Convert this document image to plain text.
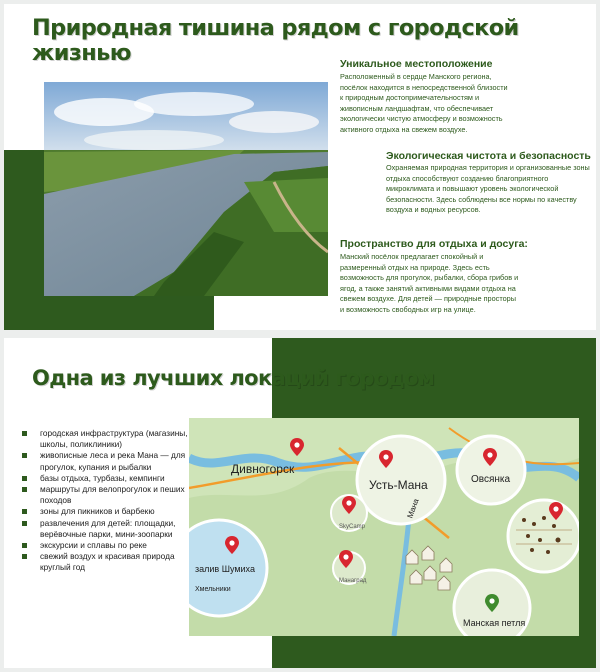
Природная тишина рядом с городской жизнью	Уникальное местоположение
Расположенный в сердце Манского региона, посёлок находится в непосредственной близости к природным достопримечательностям и живописным ландшафтам, что обеспечивает экологически чистую атмосферу и возможность активного отдыха на свежем воздухе.
Экологическая чистота и безопасность
Охраняемая природная территория и организованные зоны отдыха способствуют созданию благоприятного микроклимата и повышают уровень экологической безопасности. Здесь соблюдены все нормы по качеству воздуха и водных ресурсов.
Пространство для отдыха и досуга:
Манский посёлок предлагает спокойный и размеренный отдых на природе. Здесь есть возможность для прогулок, рыбалки, сбора грибов и ягод, а также занятий активными видами отдыха на свежем воздухе. Для детей — природные просторы и возможность свободных игр на улице.
Одна из лучших локаций городом
городская инфраструктура (магазины, школы, поликлиники)
живописные леса и река Мана — для прогулок, купания и рыбалки
базы отдыха, турбазы, кемпинги
маршруты для велопрогулок и пеших походов
зоны для пикников и барбекю
развлечения для детей: площадки, верёвочные парки, мини-зоопарки
экскурсии и сплавы по реке
свежий воздух и красивая природа круглый год
Дивногорск
Усть-Мана	Овсянка
залив Шумиха
Хмельники
SkyCamp
Манаград
Манская петля
Мана
